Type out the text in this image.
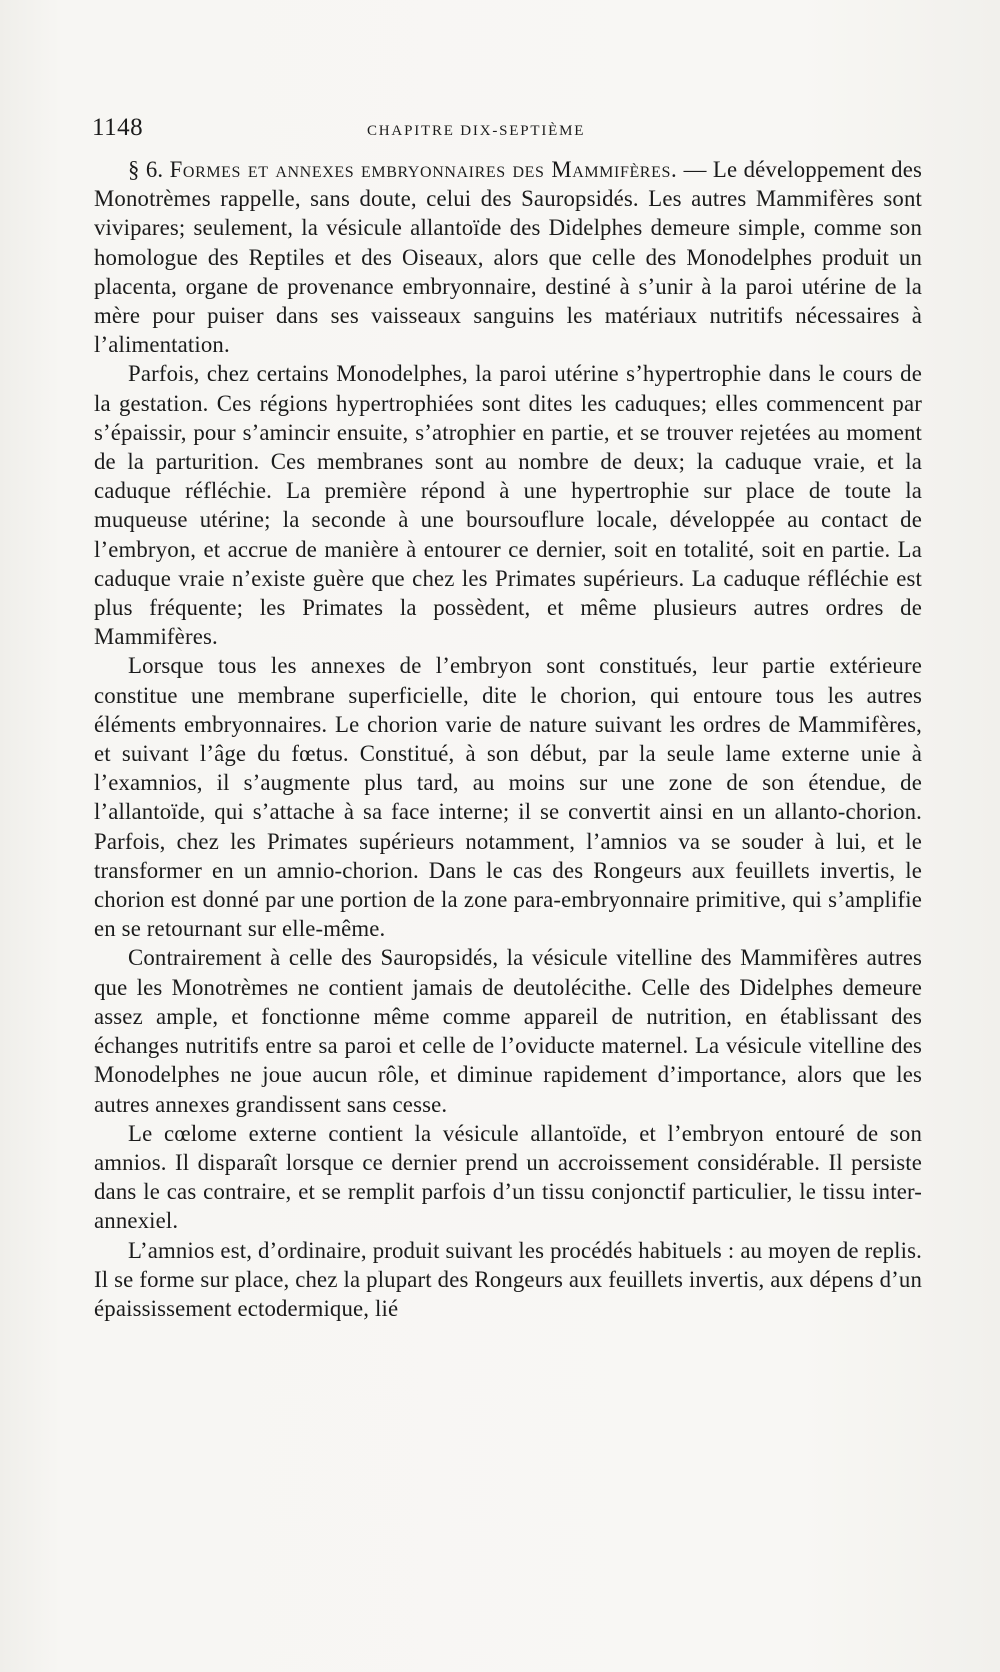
1148	CHAPITRE DIX-SEPTIÈME

§ 6. Formes et annexes embryonnaires des Mammifères. — Le développement des Monotrèmes rappelle, sans doute, celui des Sauropsidés. Les autres Mammifères sont vivipares; seulement, la vésicule allantoïde des Didelphes demeure simple, comme son homologue des Reptiles et des Oiseaux, alors que celle des Monodelphes produit un placenta, organe de provenance embryonnaire, destiné à s’unir à la paroi utérine de la mère pour puiser dans ses vaisseaux sanguins les matériaux nutritifs nécessaires à l’alimentation.

Parfois, chez certains Monodelphes, la paroi utérine s’hypertrophie dans le cours de la gestation. Ces régions hypertrophiées sont dites les caduques; elles commencent par s’épaissir, pour s’amincir ensuite, s’atrophier en partie, et se trouver rejetées au moment de la parturition. Ces membranes sont au nombre de deux; la caduque vraie, et la caduque réfléchie. La première répond à une hypertrophie sur place de toute la muqueuse utérine; la seconde à une boursouflure locale, développée au contact de l’embryon, et accrue de manière à entourer ce dernier, soit en totalité, soit en partie. La caduque vraie n’existe guère que chez les Primates supérieurs. La caduque réfléchie est plus fréquente; les Primates la possèdent, et même plusieurs autres ordres de Mammifères.

Lorsque tous les annexes de l’embryon sont constitués, leur partie extérieure constitue une membrane superficielle, dite le chorion, qui entoure tous les autres éléments embryonnaires. Le chorion varie de nature suivant les ordres de Mammifères, et suivant l’âge du fœtus. Constitué, à son début, par la seule lame externe unie à l’examnios, il s’augmente plus tard, au moins sur une zone de son étendue, de l’allantoïde, qui s’attache à sa face interne; il se convertit ainsi en un allanto-chorion. Parfois, chez les Primates supérieurs notamment, l’amnios va se souder à lui, et le transformer en un amnio-chorion. Dans le cas des Rongeurs aux feuillets invertis, le chorion est donné par une portion de la zone para-embryonnaire primitive, qui s’amplifie en se retournant sur elle-même.

Contrairement à celle des Sauropsidés, la vésicule vitelline des Mammifères autres que les Monotrèmes ne contient jamais de deutolécithe. Celle des Didelphes demeure assez ample, et fonctionne même comme appareil de nutrition, en établissant des échanges nutritifs entre sa paroi et celle de l’oviducte maternel. La vésicule vitelline des Monodelphes ne joue aucun rôle, et diminue rapidement d’importance, alors que les autres annexes grandissent sans cesse.

Le cœlome externe contient la vésicule allantoïde, et l’embryon entouré de son amnios. Il disparaît lorsque ce dernier prend un accroissement considérable. Il persiste dans le cas contraire, et se remplit parfois d’un tissu conjonctif particulier, le tissu inter-annexiel.

L’amnios est, d’ordinaire, produit suivant les procédés habituels : au moyen de replis. Il se forme sur place, chez la plupart des Rongeurs aux feuillets invertis, aux dépens d’un épaississement ectodermique, lié
